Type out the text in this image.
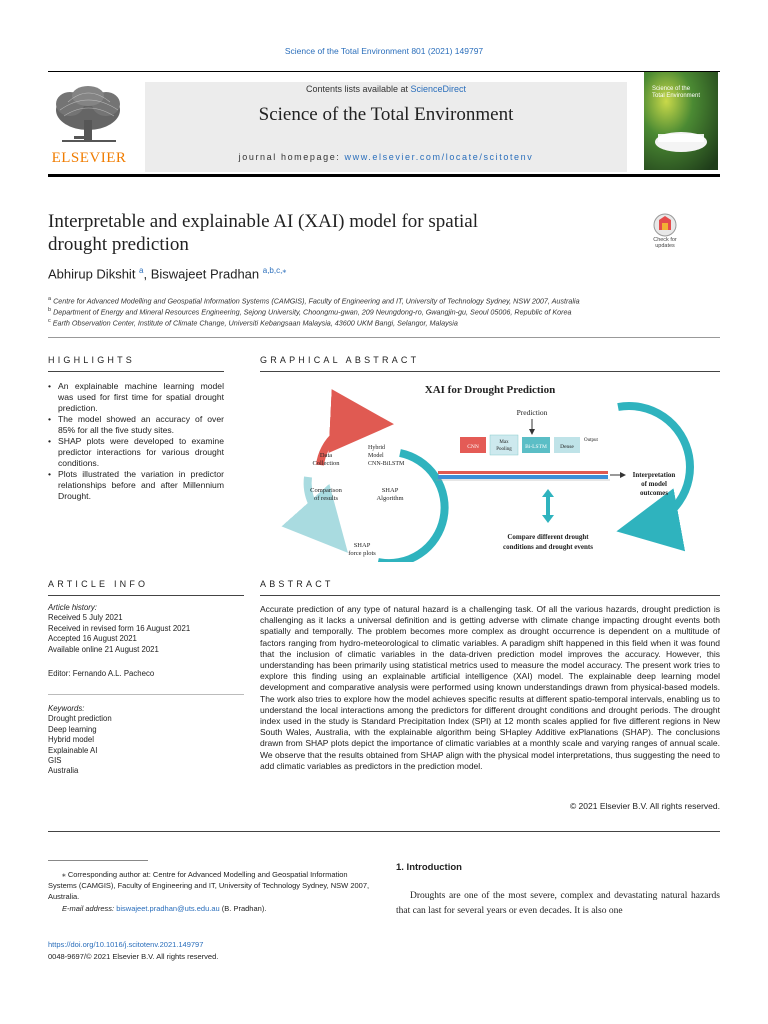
Science of the Total Environment 801 (2021) 149797
Contents lists available at ScienceDirect
Science of the Total Environment
journal homepage: www.elsevier.com/locate/scitotenv
ELSEVIER
Science of the
Total Environment
Interpretable and explainable AI (XAI) model for spatial
drought prediction	Check for
updates
Abhirup Dikshit $^a$, Biswajeet Pradhan $^{a,b,c,⁎}$
$^a$ Centre for Advanced Modelling and Geospatial Information Systems (CAMGIS), Faculty of Engineering and IT, University of Technology Sydney, NSW 2007, Australia
$^b$ Department of Energy and Mineral Resources Engineering, Sejong University, Choongmu-gwan, 209 Neungdong-ro, Gwangjin-gu, Seoul 05006, Republic of Korea
$^c$ Earth Observation Center, Institute of Climate Change, Universiti Kebangsaan Malaysia, 43600 UKM Bangi, Selangor, Malaysia
HIGHLIGHTS
• An explainable machine learning model was used for first time for spatial drought prediction.
• The model showed an accuracy of over 85% for all the five study sites.
• SHAP plots were developed to examine predictor interactions for various drought conditions.
• Plots illustrated the variation in predictor relationships before and after Millennium Drought.
GRAPHICAL ABSTRACT
XAI for Drought Prediction
Data
Collection
Hybrid
Model
CNN-BiLSTM
Comparison
of results
SHAP
Algorithm
SHAP
force plots
Prediction
CNN
Max
Pooling Bi-LSTM Dense
Output
Interpretation
of model
outcomes
Compare different drought
conditions and drought events
ARTICLE INFO
Article history:
Received 5 July 2021
Received in revised form 16 August 2021
Accepted 16 August 2021
Available online 21 August 2021
Editor: Fernando A.L. Pacheco
Keywords:
Drought prediction
Deep learning
Hybrid model
Explainable AI
GIS
Australia
ABSTRACT
Accurate prediction of any type of natural hazard is a challenging task. Of all the various hazards, drought prediction is challenging as it lacks a universal definition and is getting adverse with climate change impacting drought events both spatially and temporally. The problem becomes more complex as drought occurrence is dependent on a multitude of factors ranging from hydro-meteorological to climatic variables. A paradigm shift happened in this field when it was found that the inclusion of climatic variables in the data-driven prediction model improves the accuracy. However, this understanding has been primarily using statistical metrics used to measure the model accuracy. The present work tries to explore this finding using an explainable artificial intelligence (XAI) model. The explainable deep learning model development and comparative analysis were performed using known understandings drawn from physical-based models. The work also tries to explore how the model achieves specific results at different spatio-temporal intervals, enabling us to understand the local interactions among the predictors for different drought conditions and drought periods. The drought index used in the study is Standard Precipitation Index (SPI) at 12 month scales applied for five different regions in New South Wales, Australia, with the explainable algorithm being SHapley Additive exPlanations (SHAP). The conclusions drawn from SHAP plots depict the importance of climatic variables at a monthly scale and varying ranges of annual scale. We observe that the results obtained from SHAP align with the physical model interpretations, thus suggesting the need to add climatic variables as predictors in the prediction model.
© 2021 Elsevier B.V. All rights reserved.
⁎ Corresponding author at: Centre for Advanced Modelling and Geospatial Information Systems (CAMGIS), Faculty of Engineering and IT, University of Technology Sydney, NSW 2007, Australia.
E-mail address: biswajeet.pradhan@uts.edu.au (B. Pradhan).
https://doi.org/10.1016/j.scitotenv.2021.149797
0048-9697/© 2021 Elsevier B.V. All rights reserved.
1. Introduction
Droughts are one of the most severe, complex and devastating natural hazards that can last for several years or even decades. It is also one
